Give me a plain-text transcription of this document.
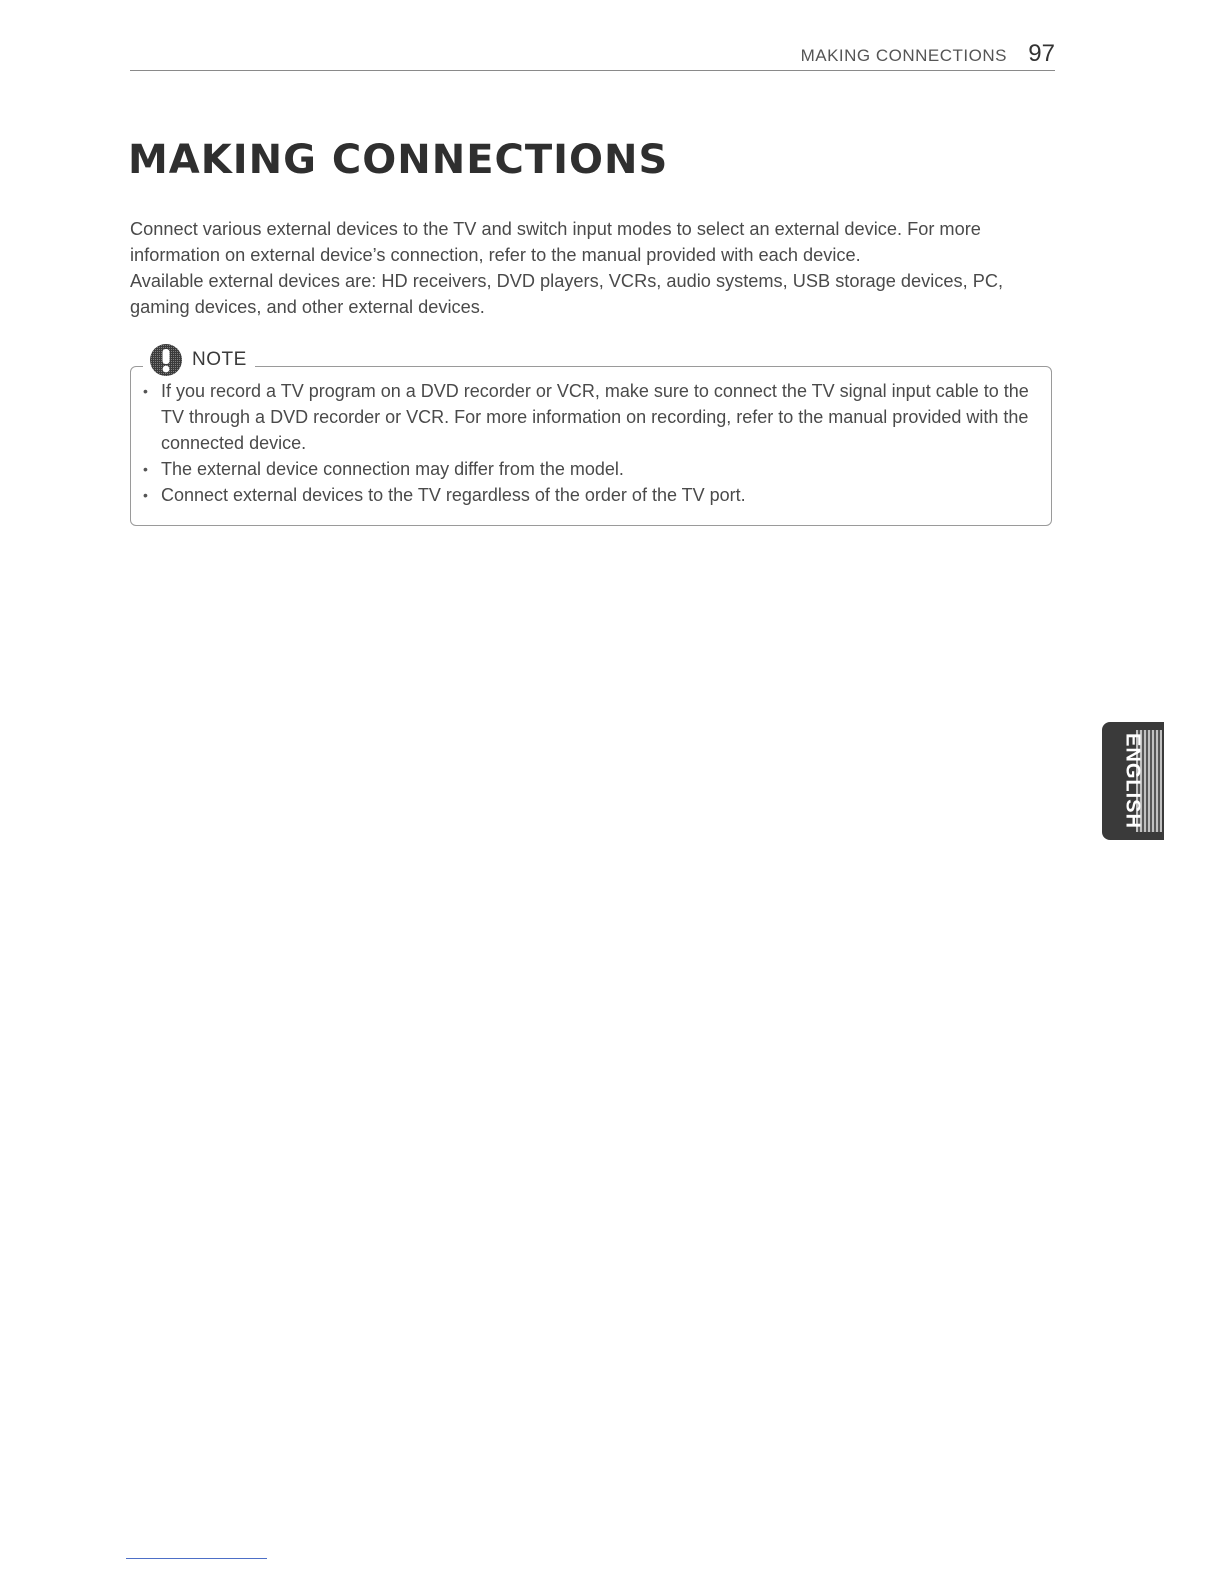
MAKING CONNECTIONS 97
MAKING CONNECTIONS

Connect various external devices to the TV and switch input modes to select an external device. For more information on external device’s connection, refer to the manual provided with each device.

Available external devices are: HD receivers, DVD players, VCRs, audio systems, USB storage devices, PC, gaming devices, and other external devices.

NOTE
• If you record a TV program on a DVD recorder or VCR, make sure to connect the TV signal input cable to the TV through a DVD recorder or VCR. For more information on recording, refer to the manual provided with the connected device.
• The external device connection may differ from the model.
• Connect external devices to the TV regardless of the order of the TV port.
ENGLISH
